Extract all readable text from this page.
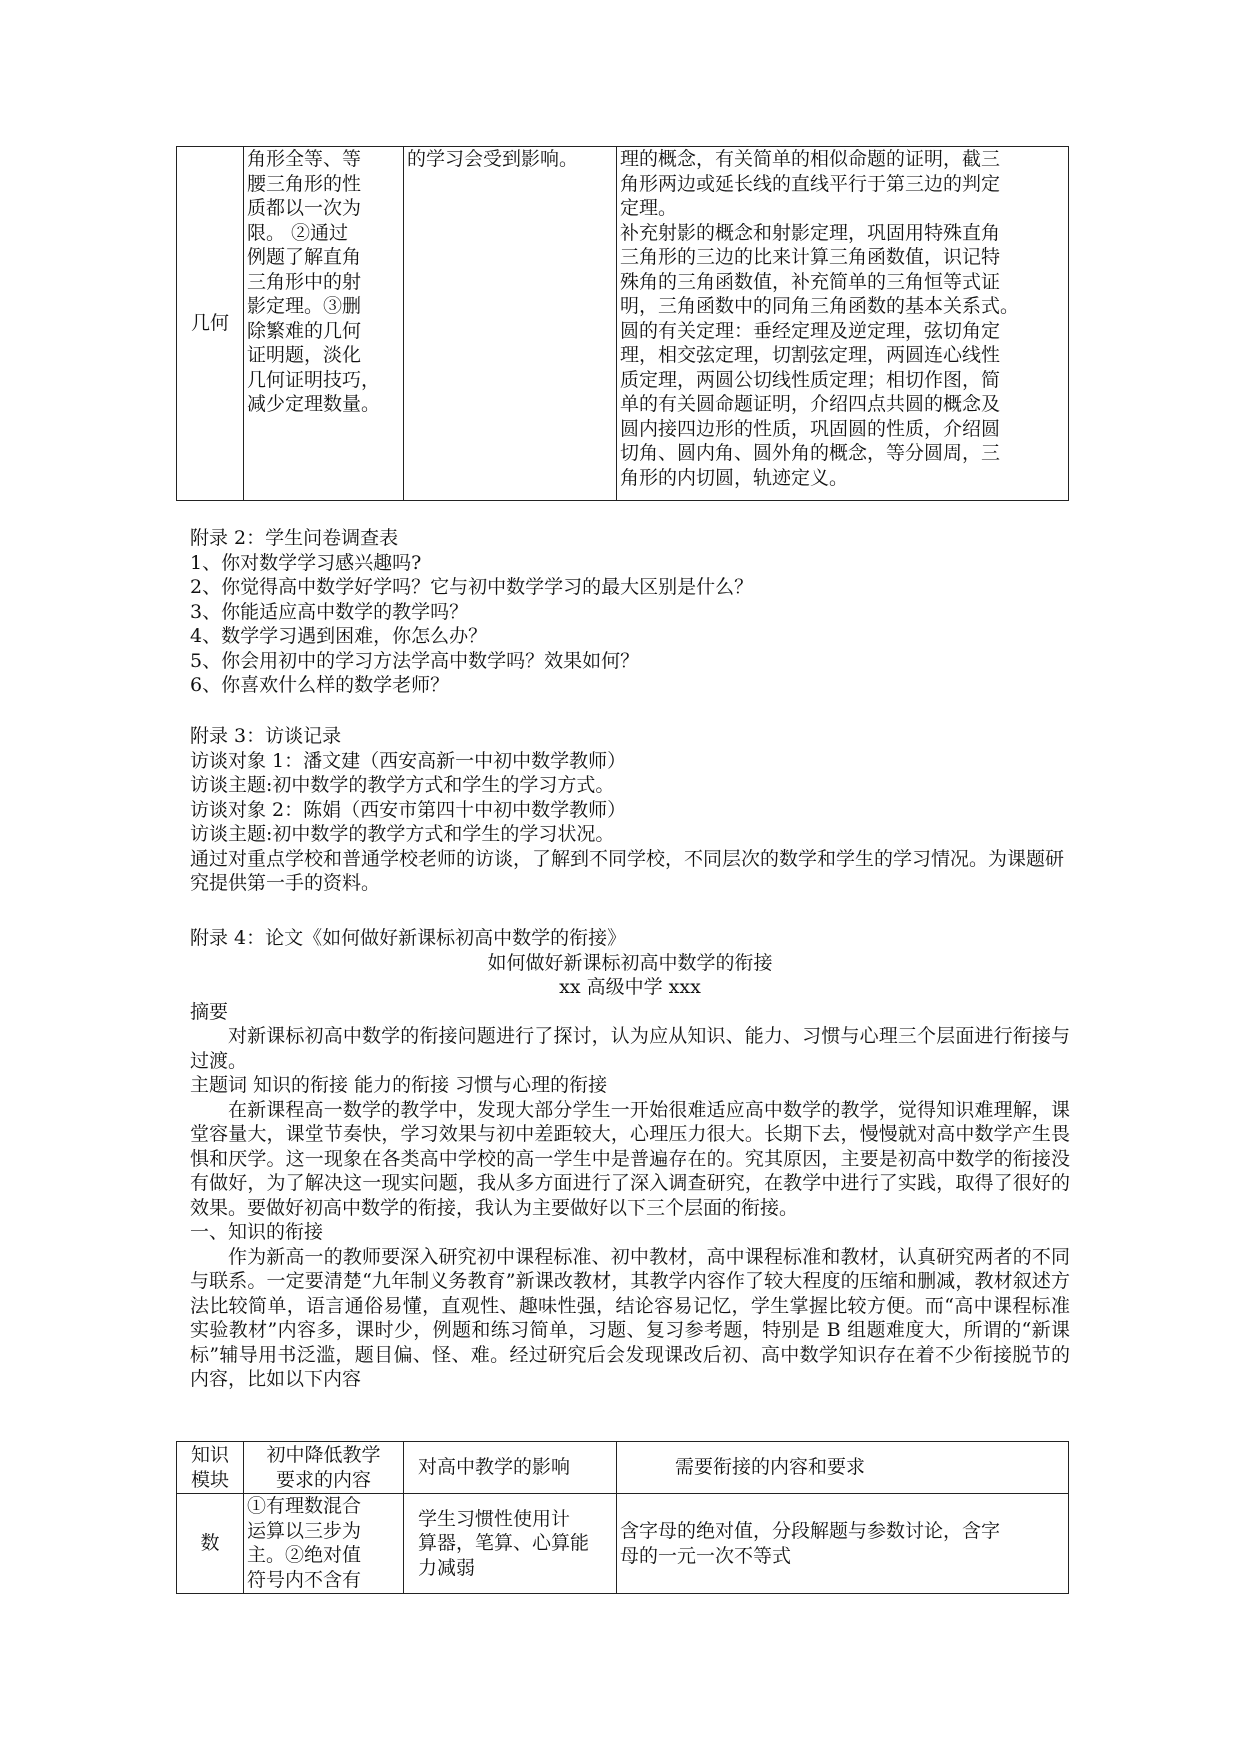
几何	角形全等、等
腰三角形的性
质都以一次为
限。 ②通过
例题了解直角
三角形中的射
影定理。③删
除繁难的几何
证明题，淡化
几何证明技巧，
减少定理数量。	的学习会受到影响。	理的概念，有关简单的相似命题的证明，截三
角形两边或延长线的直线平行于第三边的判定
定理。
补充射影的概念和射影定理，巩固用特殊直角
三角形的三边的比来计算三角函数值，识记特
殊角的三角函数值，补充简单的三角恒等式证
明，三角函数中的同角三角函数的基本关系式。
圆的有关定理：垂经定理及逆定理，弦切角定
理，相交弦定理，切割弦定理，两圆连心线性
质定理，两圆公切线性质定理；相切作图，简
单的有关圆命题证明，介绍四点共圆的概念及
圆内接四边形的性质，巩固圆的性质，介绍圆
切角、圆内角、圆外角的概念，等分圆周，三
角形的内切圆，轨迹定义。

附录 2：学生问卷调查表

1、你对数学学习感兴趣吗?

2、你觉得高中数学好学吗？它与初中数学学习的最大区别是什么？

3、你能适应高中数学的教学吗？

4、数学学习遇到困难，你怎么办？

5、你会用初中的学习方法学高中数学吗？效果如何？

6、你喜欢什么样的数学老师？

附录 3：访谈记录

访谈对象 1：潘文建（西安高新一中初中数学教师）

访谈主题:初中数学的教学方式和学生的学习方式。

访谈对象 2：陈娟（西安市第四十中初中数学教师）

访谈主题:初中数学的教学方式和学生的学习状况。

通过对重点学校和普通学校老师的访谈，了解到不同学校，不同层次的数学和学生的学习情况。为课题研究提供第一手的资料。

附录 4：论文《如何做好新课标初高中数学的衔接》

如何做好新课标初高中数学的衔接

xx 高级中学 xxx

摘要

对新课标初高中数学的衔接问题进行了探讨，认为应从知识、能力、习惯与心理三个层面进行衔接与过渡。

主题词 知识的衔接 能力的衔接 习惯与心理的衔接

在新课程高一数学的教学中，发现大部分学生一开始很难适应高中数学的教学，觉得知识难理解，课堂容量大，课堂节奏快，学习效果与初中差距较大，心理压力很大。长期下去，慢慢就对高中数学产生畏惧和厌学。这一现象在各类高中学校的高一学生中是普遍存在的。究其原因，主要是初高中数学的衔接没有做好，为了解决这一现实问题，我从多方面进行了深入调查研究，在教学中进行了实践，取得了很好的效果。要做好初高中数学的衔接，我认为主要做好以下三个层面的衔接。

一、知识的衔接

作为新高一的教师要深入研究初中课程标准、初中教材，高中课程标准和教材，认真研究两者的不同与联系。一定要清楚“九年制义务教育”新课改教材，其教学内容作了较大程度的压缩和删减，教材叙述方法比较简单，语言通俗易懂，直观性、趣味性强，结论容易记忆，学生掌握比较方便。而“高中课程标准实验教材”内容多，课时少，例题和练习简单，习题、复习参考题，特别是 B 组题难度大，所谓的“新课标”辅导用书泛滥，题目偏、怪、难。经过研究后会发现课改后初、高中数学知识存在着不少衔接脱节的内容，比如以下内容

知识
模块	初中降低教学
要求的内容	对高中教学的影响	需要衔接的内容和要求
数	①有理数混合
运算以三步为
主。②绝对值
符号内不含有	学生习惯性使用计
算器，笔算、心算能
力减弱	含字母的绝对值，分段解题与参数讨论，含字
母的一元一次不等式
